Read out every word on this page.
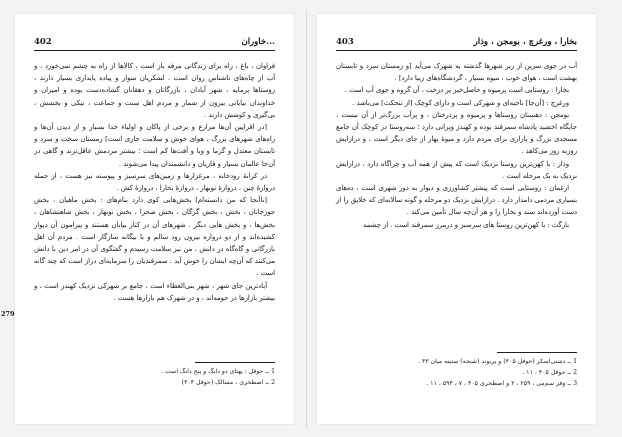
402	...خاوران

فراوان ، باغ ، راه برای زندگانی مرفه باز است ، کالاها از راه به چشم نمی‌خورد ، و آب از چاه‌های ناشناس روان است . لشکریان سوار و پیاده پایداری بسیار دارند ، روستاها پرمایه ، شهر آبادان ، بازرگانان و دهقانان گشاده‌دست بوده و امیران و خداوندان بیابانی بیرون از شمار و مردم اهل سنت و جماعت ، نیکی و بخشش ، بی‌گیری و کوشش دارند .

[در اقرایین آن‌ها مزارع و برخی از پاکان و اولیاء خدا بسیار و از دیدن آن‌ها و راه‌های شهرهای بزرگ ، هوای خوش و سلامت جاری است] زمستان سخت و سرد و تابستان معتدل و گرما و وبا و آفت‌ها کم است ؛ بیشتر مردمش عاقل‌ترند و گاهی در آن‌جا عالمان بسیار و قاریان و دانشمندان پیدا می‌شوند .

در کرانهٔ رودخانه ، مرغزارها و زمین‌های سرسبز و پیوسته نیز هست ، از جمله دروازهٔ چین ، دروازهٔ نوبهار ، دروازهٔ بخارا ، دروازهٔ کش .

[ناآنجا که من دانسته‌ام] بخش‌هایی کوی دارد بنام‌های : بخش ماهیان ، بخش جوزجانان ، بخش ، بخش گرگان ، بخش صحرا ، بخش نوبهار ، بخش شاهنشاهان ، بخش‌ها ، و بخش هایی دیگر . شهرهای آن در کنار بیابان هستند و پیرامون آن دیوار کشیده‌اند و از دو دروازه بیرون رود سالم و با بیگانه سازگار است . مردم آن اهل بازرگانی و گاه‌گاه در دانش ، من نیز سلامت رسیدم و گفتگوی آن در امر دین با دانش می‌کنند که آن‌چه ایشان را خوش آید . سمرقندیان را سرمایه‌ای دراز است که چند گانه است .

آبادترین جای شهر ، شهر بنی‌العطاء است ، جامع بر شهرکی نزدیک کهندز است ، و بیشتر بازارها در حومه‌اند ، و در شهرک هم بازارها هست .

279
1 ــ حوقل : پهنای دو دانگ و پنج دانگ است .
2 ــ اصطخری ، مسالک (حوقل ۴۰۴)
403	بخارا ، ورغرچ ، بومجن ، وذار

آب در جوی سرین از زیر شهرها گذشته به شهرک می‌آید [و زمستان سرد و تابستان بهشت است ، هوای خوب ، میوه بسیار ، گردشگاه‌های زیبا دارد] .

بخارا : روستایی است پرمیوه و حاصل‌خیز پر درخت ، آن گروه و جوی آب است .

ورغرچ : [آن‌جا] ناحیه‌ای و شهرکی است و دارای کوچک [از تنجکث] می‌باشد .

بومجن : دهستان روستاها و پرمیوه و پردرختان ، و پرآب بزرگ‌تر از آن نیست ، جایگاه اخشید پادشاه سمرقند بوده و کهندژ ویرانی دارد ؛ سه‌روستا در کوچک آن جامع مسجدی بزرگ و بازاری برای مردم دارد و میوهٔ بهار از جای دیگر است ، و درازایش روزبه روز می‌کاهد .

وذار : با کهن‌ترین روستا نزدیک است که پیش از همه آب و چراگاه دارد ، درازایش نزدیک به یک مرحله است .

ارغمان : روستایی است که پیشتر کشاورزی و دیوار به دور شهری است ، ده‌های بسیاری مردمی دامدار دارد . درازایش نزدیک دو مرحله و گونه سالانه‌ای که خلایق را از دست آورده‌اند سند و بخارا را و هر آن‌چه سال تأمین می‌کند .

بارگث : با کهن‌ترین روستا های سرسبز و درمرز سمرقند است . از چشمه

1 ــ دشتی‌اسکر (حوقل ۴۰۵) و پریوند (شنجه) ستینه میان ۳۳ .
2 ــ حوقل ۴۰۵ ، ۱۱ .
3 ــ وفر سم‌می ، ۲۵۹ ، ۲ و اصطخری ۳۰۵ ، ۷ ، ۵۹۴ ، ۱۱ .
